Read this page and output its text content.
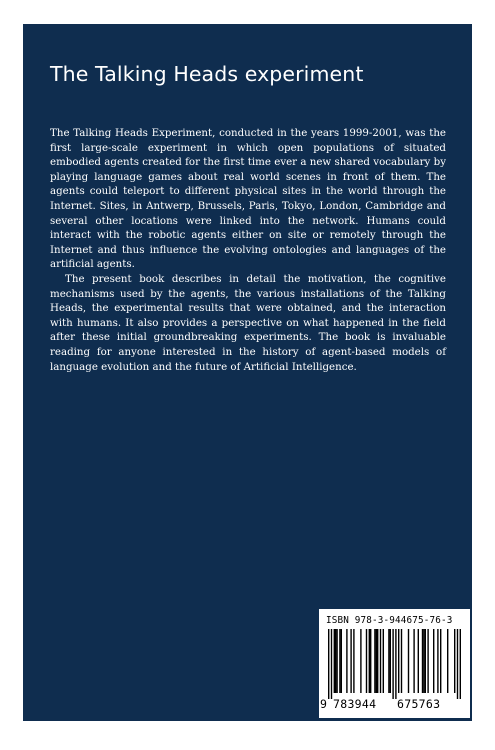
The Talking Heads experiment

The Talking Heads Experiment, conducted in the years 1999-2001, was the first large-scale experiment in which open populations of situated embodied agents created for the first time ever a new shared vocabulary by playing language games about real world scenes in front of them. The agents could teleport to different physical sites in the world through the Internet. Sites, in Antwerp, Brussels, Paris, Tokyo, London, Cambridge and several other locations were linked into the network. Humans could interact with the robotic agents either on site or remotely through the Internet and thus influence the evolving ontologies and languages of the artificial agents.

The present book describes in detail the motivation, the cognitive mechanisms used by the agents, the various installations of the Talking Heads, the experimental results that were obtained, and the interaction with humans. It also provides a perspective on what happened in the field after these initial groundbreaking experiments. The book is invaluable reading for anyone interested in the history of agent-based models of language evolution and the future of Artificial Intelligence.

ISBN 978-3-944675-76-3
9 783944 675763
